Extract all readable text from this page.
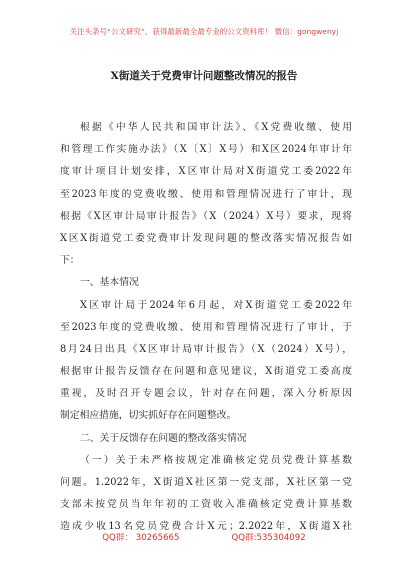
关注头条号“公文研究”，获得最新最全最专业的公文资料库！ 微信：gongwenyj
X街道关于党费审计问题整改情况的报告
根据《中华人民共和国审计法》、《X党费收缴、使用
和管理工作实施办法》（X〔X〕X号）和X区2024年审计年
度审计项目计划安排，X区审计局对X街道党工委2022年
至2023年度的党费收缴、使用和管理情况进行了审计，现
根据《X区审计局审计报告》（X（2024）X号）要求，现将
X区X街道党工委党费审计发现问题的整改落实情况报告如
下：
一、基本情况
X区审计局于2024年6月起，对X街道党工委2022年
至2023年度的党费收缴、使用和管理情况进行了审计，于
8月24日出具《X区审计局审计报告》（X（2024）X号），
根据审计报告反馈存在问题和意见建议，X街道党工委高度
重视，及时召开专题会议，针对存在问题，深入分析原因
制定相应措施，切实抓好存在问题整改。
二、关于反馈存在问题的整改落实情况
（一）关于未严格按规定准确核定党员党费计算基数
问题。1.2022年，X街道X社区第一党支部，X社区第一党
支部未按党员当年年初的工资收入准确核定党费计算基数
造成少收13名党员党费合计X元；2.2022年，X街道X社
QQ群： 30265665	QQ群:535304092
